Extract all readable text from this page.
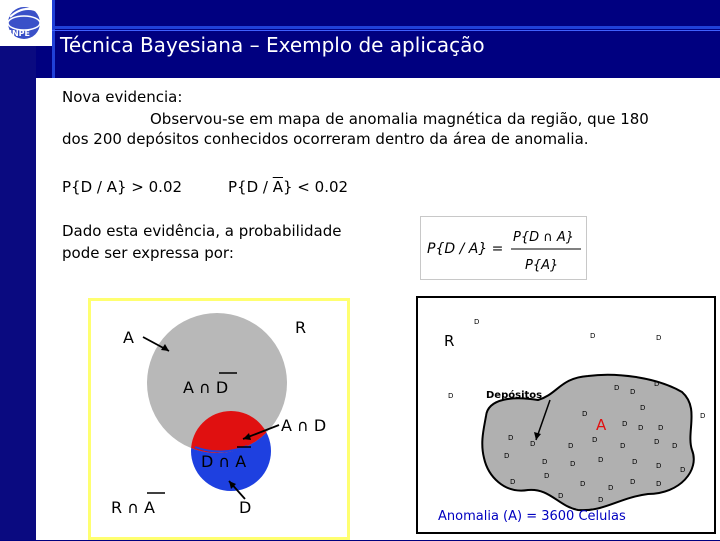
INPE Técnica Bayesiana – Exemplo de aplicação
Nova evidencia:
Observou-se em mapa de anomalia magnética da região, que 180
dos 200 depósitos conhecidos ocorreram dentro da área de anomalia.
P{D / A} > 0.02	$P\{D / \overline{A}\} < 0.02$
Dado esta evidência, a probabilidade
pode ser expressa por:	P{D / A} =
P{D ∩ A}
P{A}
A
R
A ∩ D
A ∩ D
D ∩ A
R ∩ A	D
R
Depósitos
A
D
D	D
D
D
D D
D
D
D D D
D
D	D
D
D	D D
D
D	D	D	D	D	D
D
D
D	D
D	D
D	D
D
Anomalia (A) = 3600 Celulas
